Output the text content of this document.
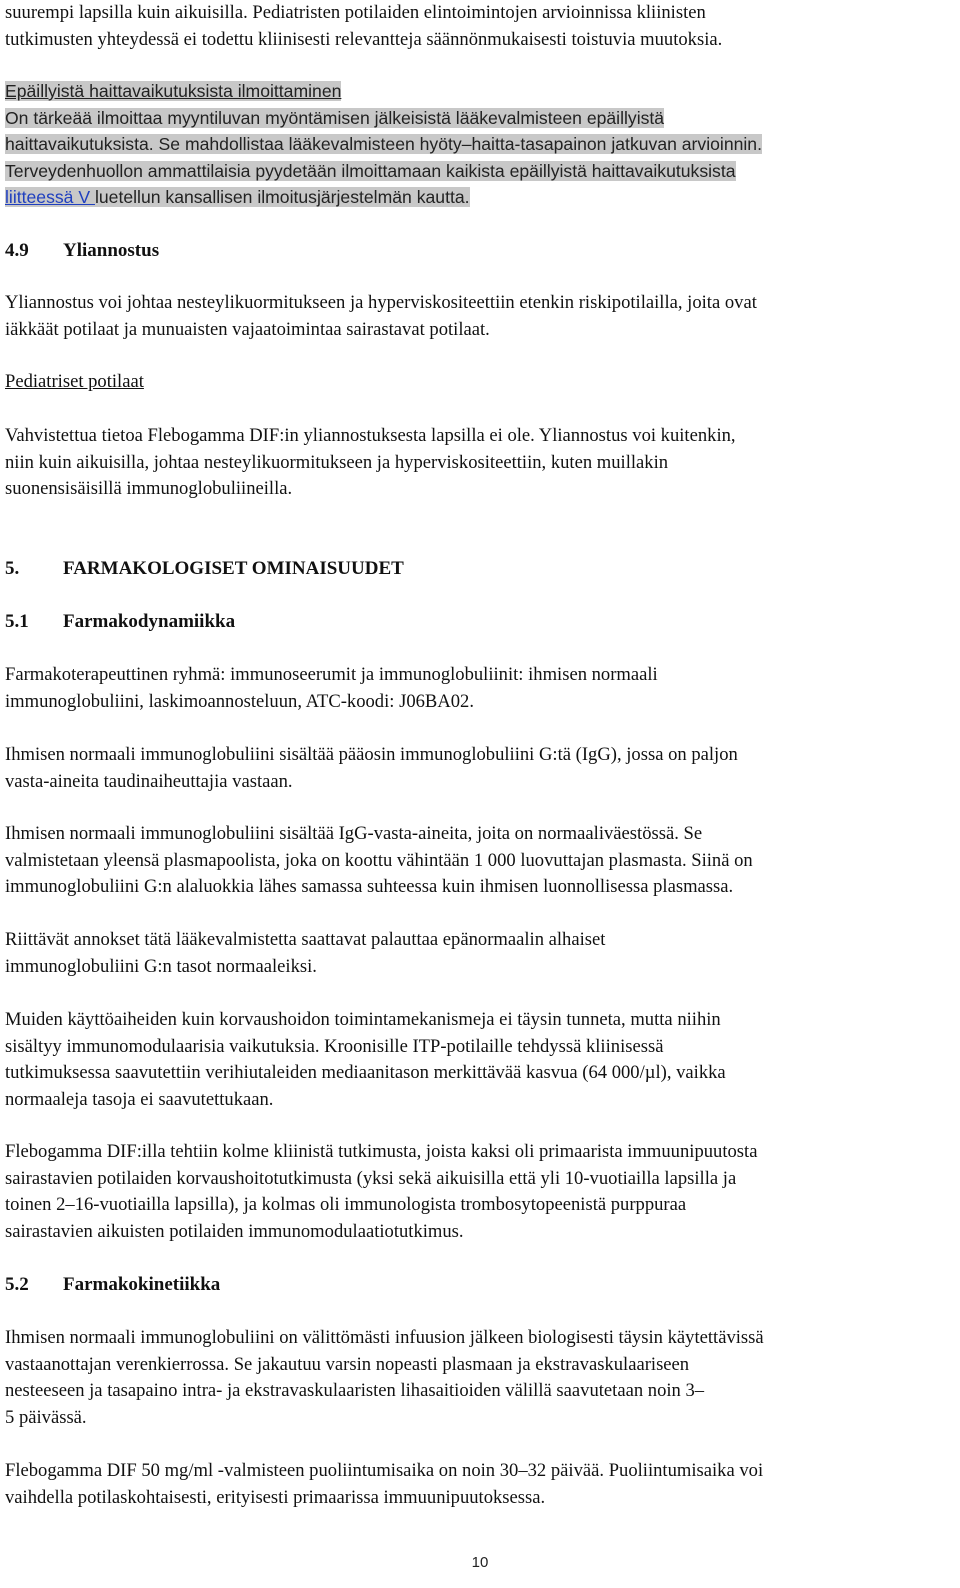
suurempi lapsilla kuin aikuisilla. Pediatristen potilaiden elintoimintojen arvioinnissa kliinisten
tutkimusten yhteydessä ei todettu kliinisesti relevantteja säännönmukaisesti toistuvia muutoksia.
Epäillyistä haittavaikutuksista ilmoittaminen
On tärkeää ilmoittaa myyntiluvan myöntämisen jälkeisistä lääkevalmisteen epäillyistä
haittavaikutuksista. Se mahdollistaa lääkevalmisteen hyöty–haitta-tasapainon jatkuvan arvioinnin.
Terveydenhuollon ammattilaisia pyydetään ilmoittamaan kaikista epäillyistä haittavaikutuksista
liitteessä V luetellun kansallisen ilmoitusjärjestelmän kautta.
4.9 Yliannostus
Yliannostus voi johtaa nesteylikuormitukseen ja hyperviskositeettiin etenkin riskipotilailla, joita ovat
iäkkäät potilaat ja munuaisten vajaatoimintaa sairastavat potilaat.
Pediatriset potilaat
Vahvistettua tietoa Flebogamma DIF:in yliannostuksesta lapsilla ei ole. Yliannostus voi kuitenkin,
niin kuin aikuisilla, johtaa nesteylikuormitukseen ja hyperviskositeettiin, kuten muillakin
suonensisäisillä immunoglobuliineilla.
5. FARMAKOLOGISET OMINAISUUDET
5.1 Farmakodynamiikka
Farmakoterapeuttinen ryhmä: immunoseerumit ja immunoglobuliinit: ihmisen normaali
immunoglobuliini, laskimoannosteluun, ATC-koodi: J06BA02.
Ihmisen normaali immunoglobuliini sisältää pääosin immunoglobuliini G:tä (IgG), jossa on paljon
vasta-aineita taudinaiheuttajia vastaan.
Ihmisen normaali immunoglobuliini sisältää IgG-vasta-aineita, joita on normaaliväestössä. Se
valmistetaan yleensä plasmapoolista, joka on koottu vähintään 1 000 luovuttajan plasmasta. Siinä on
immunoglobuliini G:n alaluokkia lähes samassa suhteessa kuin ihmisen luonnollisessa plasmassa.
Riittävät annokset tätä lääkevalmistetta saattavat palauttaa epänormaalin alhaiset
immunoglobuliini G:n tasot normaaleiksi.
Muiden käyttöaiheiden kuin korvaushoidon toimintamekanismeja ei täysin tunneta, mutta niihin
sisältyy immunomodulaarisia vaikutuksia. Kroonisille ITP-potilaille tehdyssä kliinisessä
tutkimuksessa saavutettiin verihiutaleiden mediaanitason merkittävää kasvua (64 000/µl), vaikka
normaaleja tasoja ei saavutettukaan.
Flebogamma DIF:illa tehtiin kolme kliinistä tutkimusta, joista kaksi oli primaarista immuunipuutosta
sairastavien potilaiden korvaushoitotutkimusta (yksi sekä aikuisilla että yli 10-vuotiailla lapsilla ja
toinen 2–16-vuotiailla lapsilla), ja kolmas oli immunologista trombosytopeenistä purppuraa
sairastavien aikuisten potilaiden immunomodulaatiotutkimus.
5.2 Farmakokinetiikka
Ihmisen normaali immunoglobuliini on välittömästi infuusion jälkeen biologisesti täysin käytettävissä
vastaanottajan verenkierrossa. Se jakautuu varsin nopeasti plasmaan ja ekstravaskulaariseen
nesteeseen ja tasapaino intra- ja ekstravaskulaaristen lihasaitioiden välillä saavutetaan noin 3–
5 päivässä.
Flebogamma DIF 50 mg/ml -valmisteen puoliintumisaika on noin 30–32 päivää. Puoliintumisaika voi
vaihdella potilaskohtaisesti, erityisesti primaarissa immuunipuutoksessa.
10
